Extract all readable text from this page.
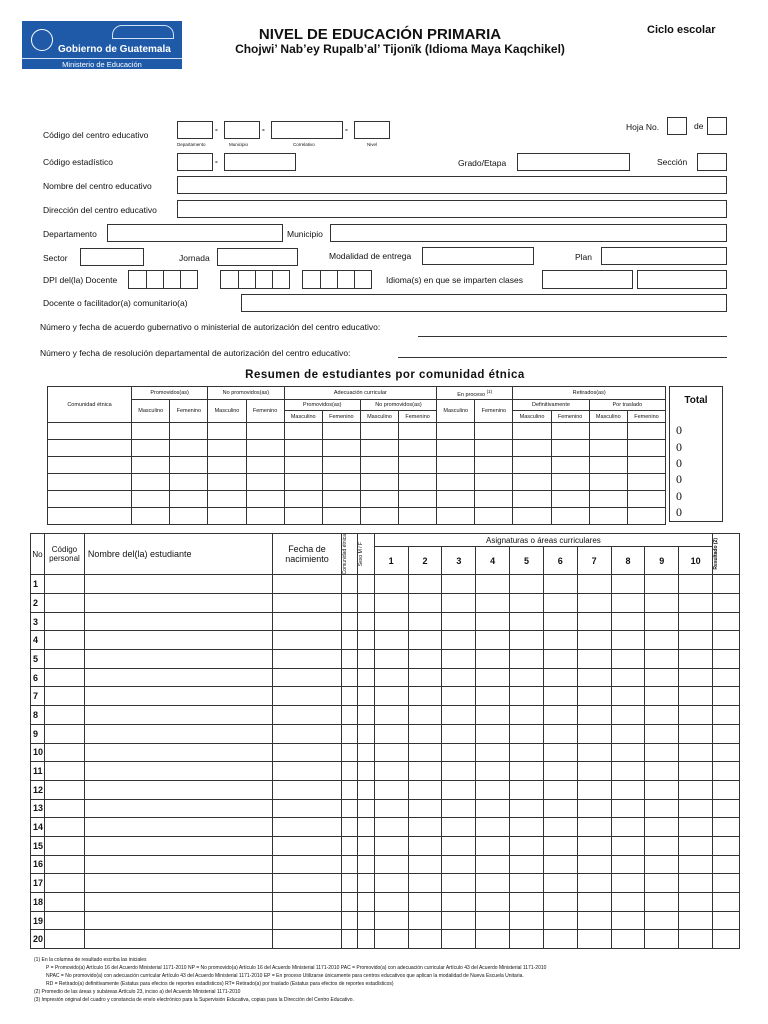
Gobierno de Guatemala
Ministerio de Educación
NIVEL DE EDUCACIÓN PRIMARIA
Chojwi’ Nab’ey Rupalb’al’ Tijonïk (Idioma Maya Kaqchikel)
Ciclo escolar
Hoja No.	de
Código del centro educativo
-	-	-
Departamento	Municipio	Correlativo	Nivel
Código estadístico	-	Grado/Etapa	Sección
Nombre del centro educativo
Dirección del centro educativo
Departamento	Municipio
Sector	Jornada	Modalidad de entrega	Plan
DPI del(la) Docente	Idioma(s) en que se imparten clases
Docente o facilitador(a) comunitario(a)
Número y fecha de acuerdo gubernativo o ministerial de autorización del centro educativo:
Número y fecha de resolución departamental de autorización del centro educativo:
Resumen de estudiantes por comunidad étnica
Comunidad étnica	Promovidos(as)		No promovidos(as)		Adecuación curricular				En proceso $^{(1)}$		Retirados(as)			
	Masculino	Femenino	Masculino	Femenino	Promovidos(as)		No promovidos(as)		Masculino	Femenino	Definitivamente		Por traslado	
					Masculino	Femenino	Masculino	Femenino			Masculino	Femenino	Masculino	Femenino

Total
0
0
0
0
0
0
No	Código personal	Nombre del(la) estudiante	Fecha de nacimiento	Comunidad étnica	Sexo M / F	Asignaturas o áreas curriculares										Resultado (2)

						1	2	3	4	5	6	7	8	9	10	
1																
2																
3																
4																
5																
6																
7																
8																
9																
10																
11																
12																
13																
14																
15																
16																
17																
18																
19																
20																
(1) En la columna de resultado escriba las iniciales
P = Promovido(a) Artículo 16 del Acuerdo Ministerial 1171-2010 NP = No promovido(a) Artículo 16 del Acuerdo Ministerial 1171-2010 PAC = Promovido(a) con adecuación curricular Artículo 43 del Acuerdo Ministerial 1171-2010
NPAC = No promovido(a) con adecuación curricular Artículo 43 del Acuerdo Ministerial 1171-2010 EP = En proceso Utilizarse únicamente para centros educativos que aplican la modalidad de Nueva Escuela Unitaria.
RD = Retirado(a) definitivamente (Estatus para efectos de reportes estadísticos) RT= Retirado(a) por traslado (Estatus para efectos de reportes estadísticos)
(2) Promedio de las áreas y subáreas Artículo 23, inciso a) del Acuerdo Ministerial 1171-2010
(3) Impresión original del cuadro y constancia de envío electrónico para la Supervisión Educativa, copias para la Dirección del Centro Educativo.
